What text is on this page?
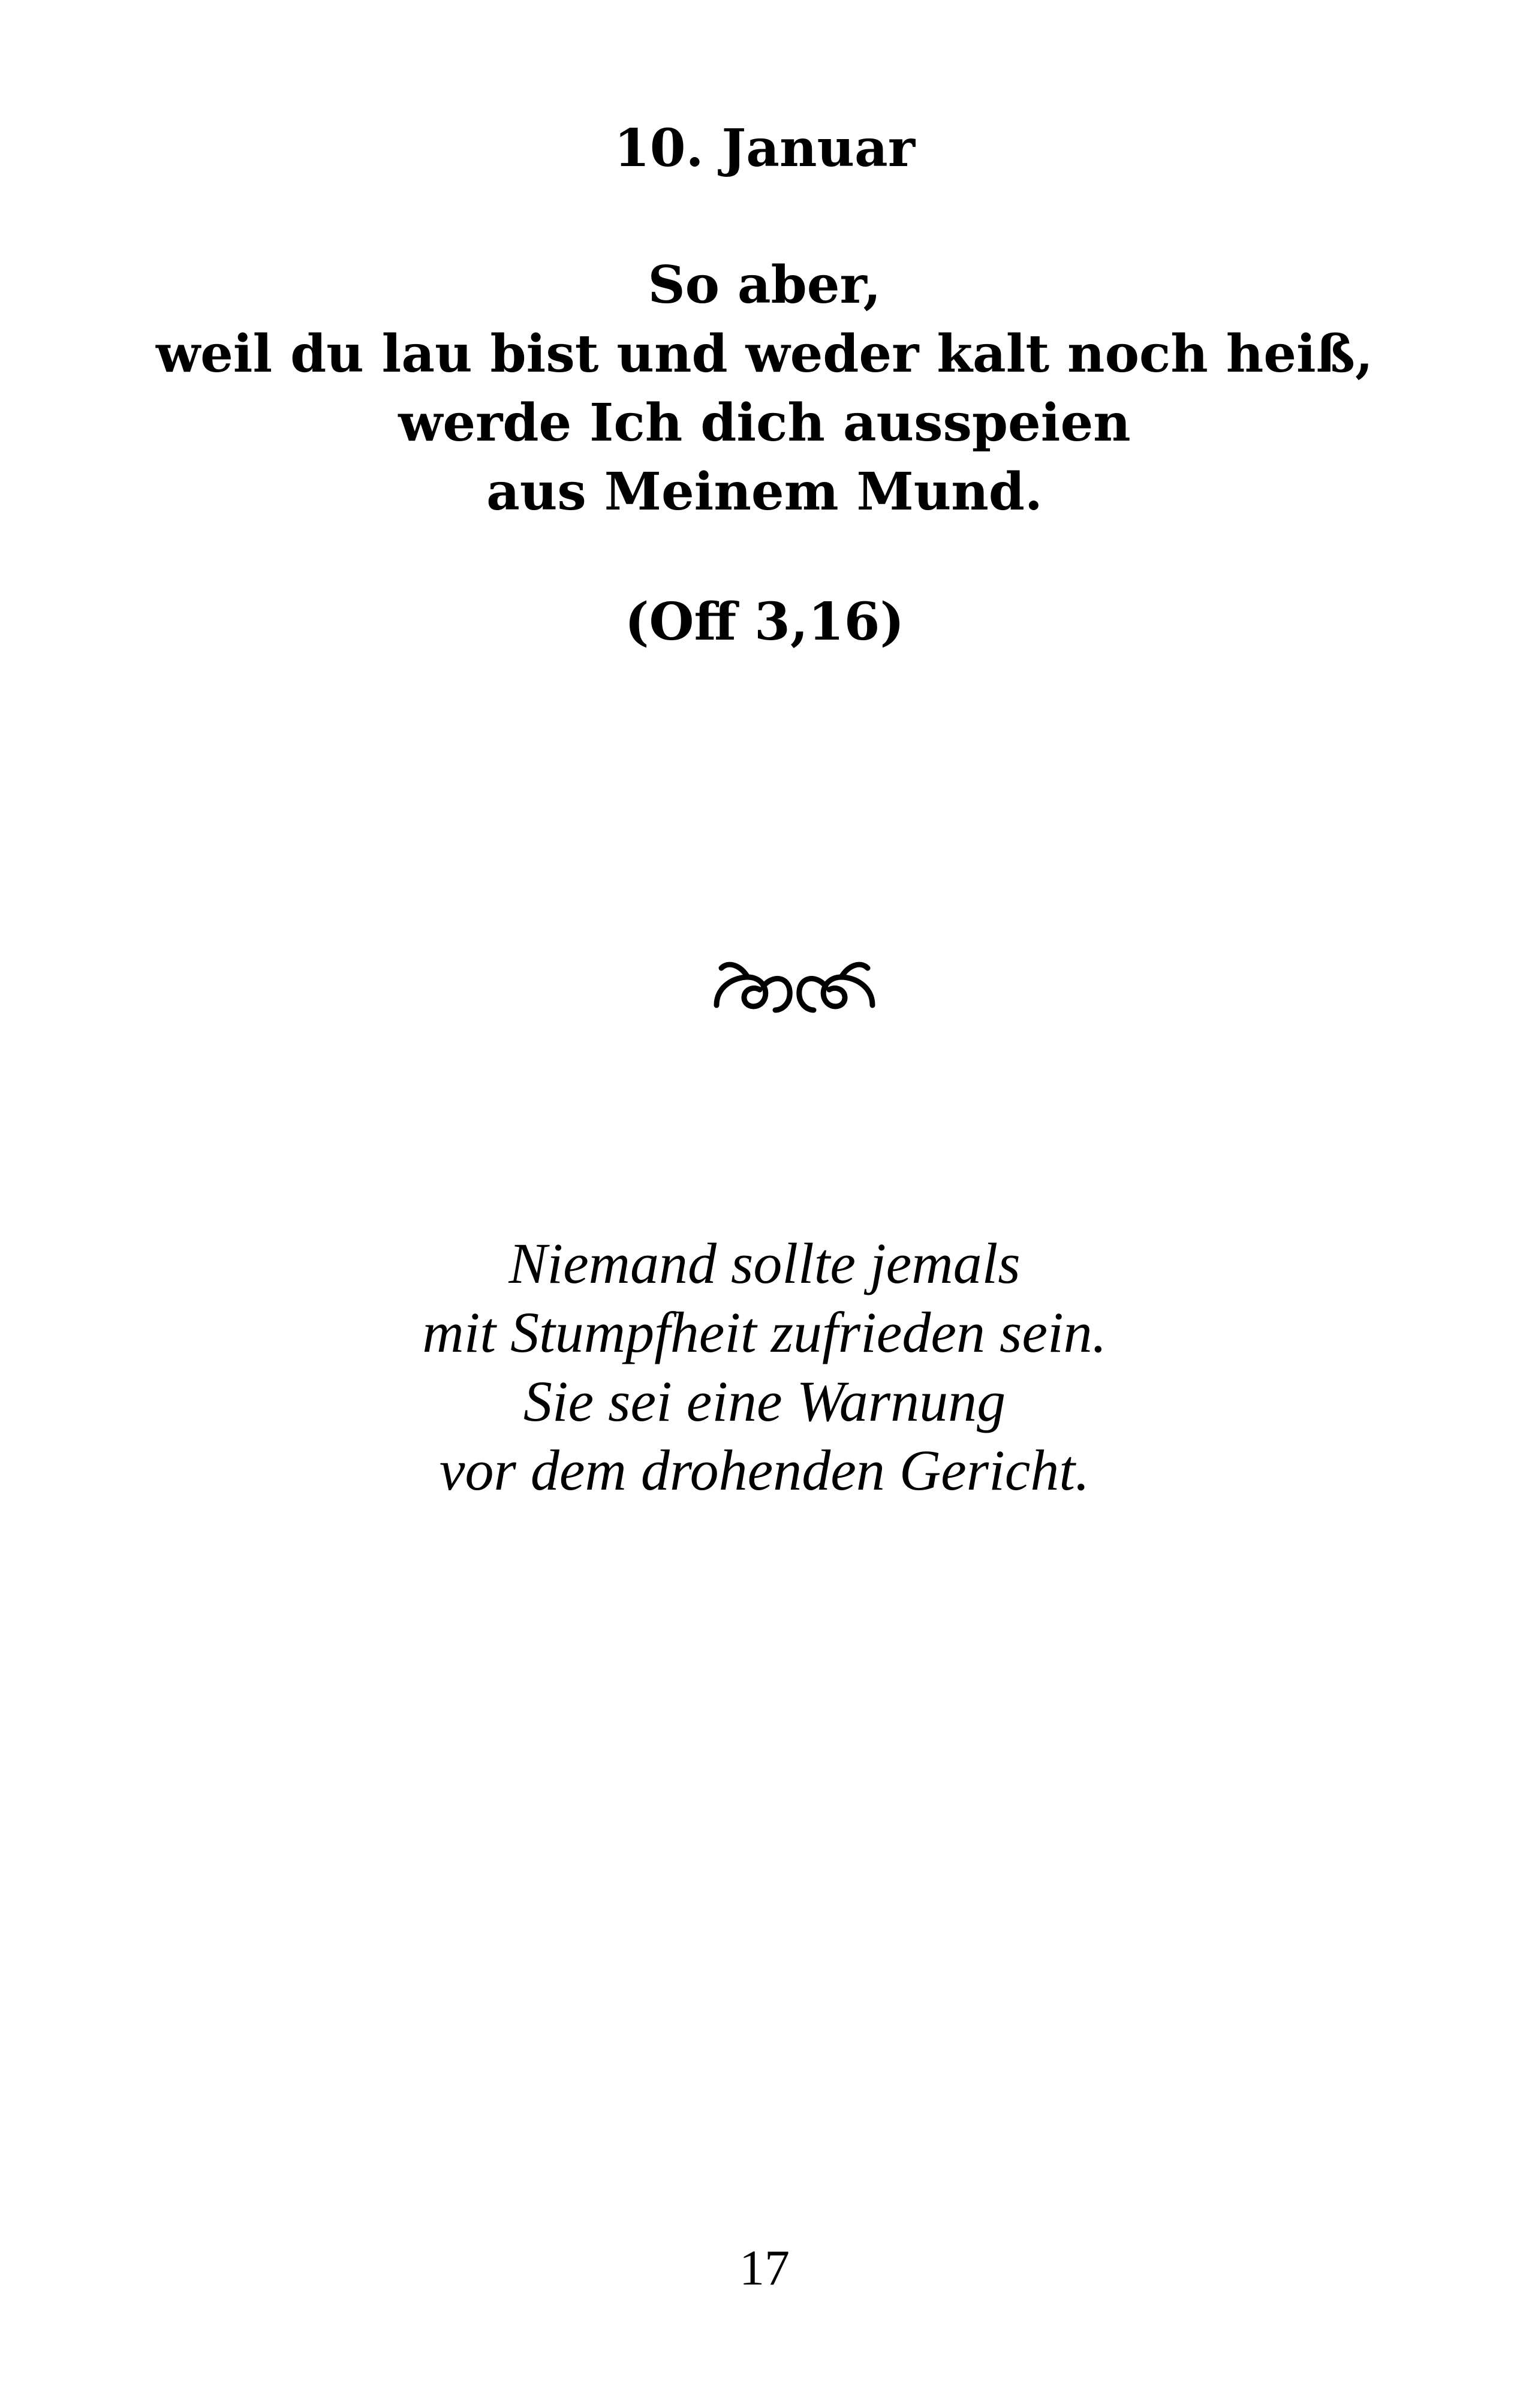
10. Januar
So aber,
weil du lau bist und weder kalt noch heiß,
werde Ich dich ausspeien
aus Meinem Mund.
(Off 3,16)
Niemand sollte jemals
mit Stumpfheit zufrieden sein.
Sie sei eine Warnung
vor dem drohenden Gericht.
17
